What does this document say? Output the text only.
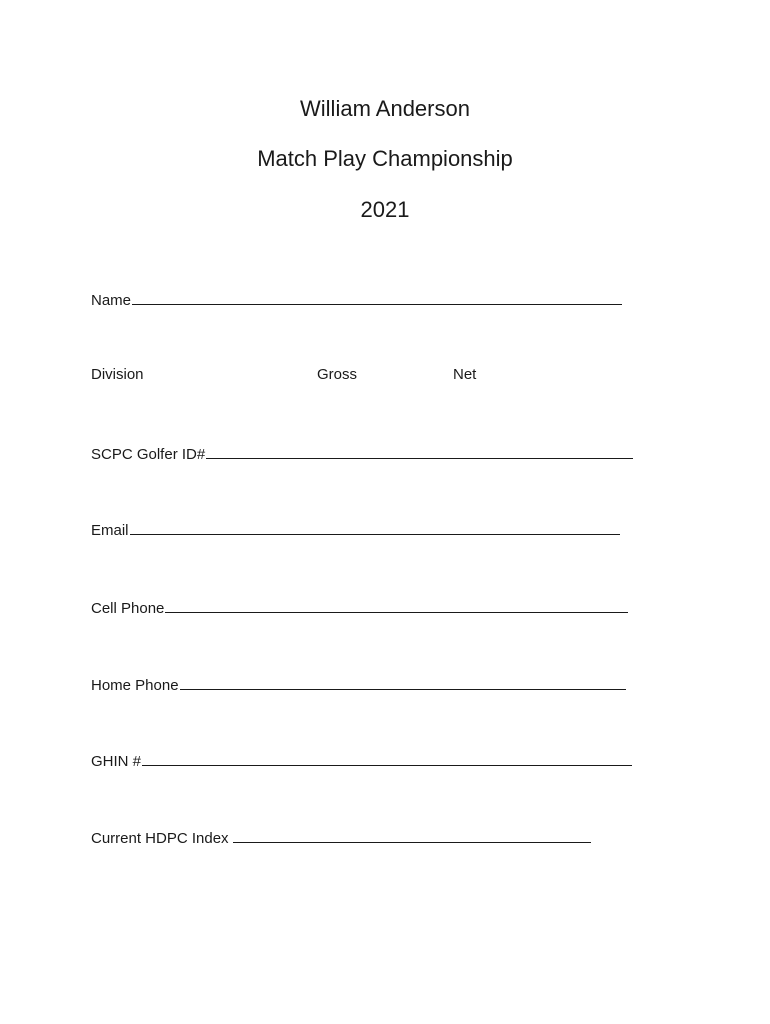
William Anderson
Match Play Championship
2021
Name
Division	Gross	Net
SCPC Golfer ID#
Email
Cell Phone
Home Phone
GHIN #
Current HDPC Index
